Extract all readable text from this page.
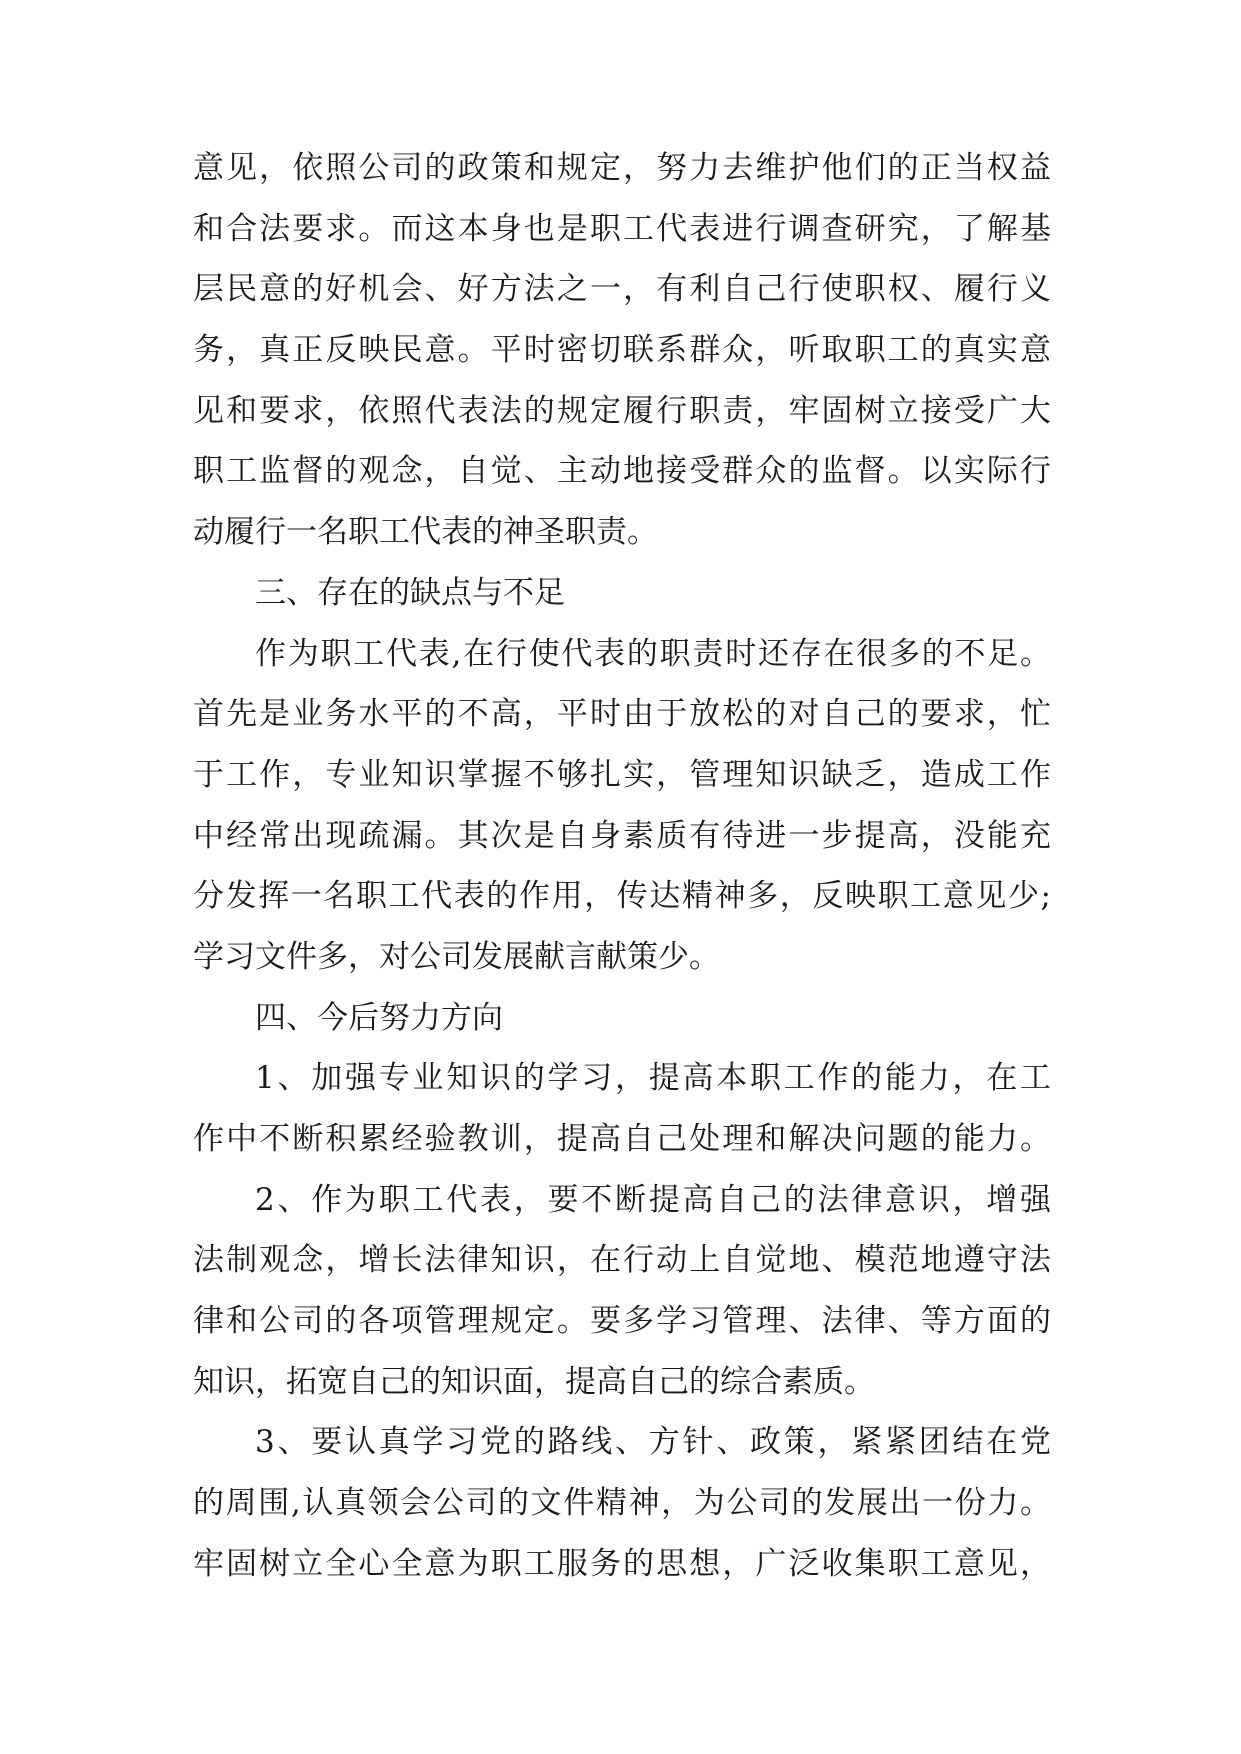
意见，依照公司的政策和规定，努力去维护他们的正当权益
和合法要求。而这本身也是职工代表进行调查研究，了解基
层民意的好机会、好方法之一，有利自己行使职权、履行义
务，真正反映民意。平时密切联系群众，听取职工的真实意
见和要求，依照代表法的规定履行职责，牢固树立接受广大
职工监督的观念，自觉、主动地接受群众的监督。以实际行
动履行一名职工代表的神圣职责。
三、存在的缺点与不足
作为职工代表,在行使代表的职责时还存在很多的不足。
首先是业务水平的不高，平时由于放松的对自己的要求，忙
于工作，专业知识掌握不够扎实，管理知识缺乏，造成工作
中经常出现疏漏。其次是自身素质有待进一步提高，没能充
分发挥一名职工代表的作用，传达精神多，反映职工意见少;
学习文件多，对公司发展献言献策少。
四、今后努力方向
1、加强专业知识的学习，提高本职工作的能力，在工
作中不断积累经验教训，提高自己处理和解决问题的能力。
2、作为职工代表，要不断提高自己的法律意识，增强
法制观念，增长法律知识，在行动上自觉地、模范地遵守法
律和公司的各项管理规定。要多学习管理、法律、等方面的
知识，拓宽自己的知识面，提高自己的综合素质。
3、要认真学习党的路线、方针、政策，紧紧团结在党
的周围,认真领会公司的文件精神，为公司的发展出一份力。
牢固树立全心全意为职工服务的思想，广泛收集职工意见，
